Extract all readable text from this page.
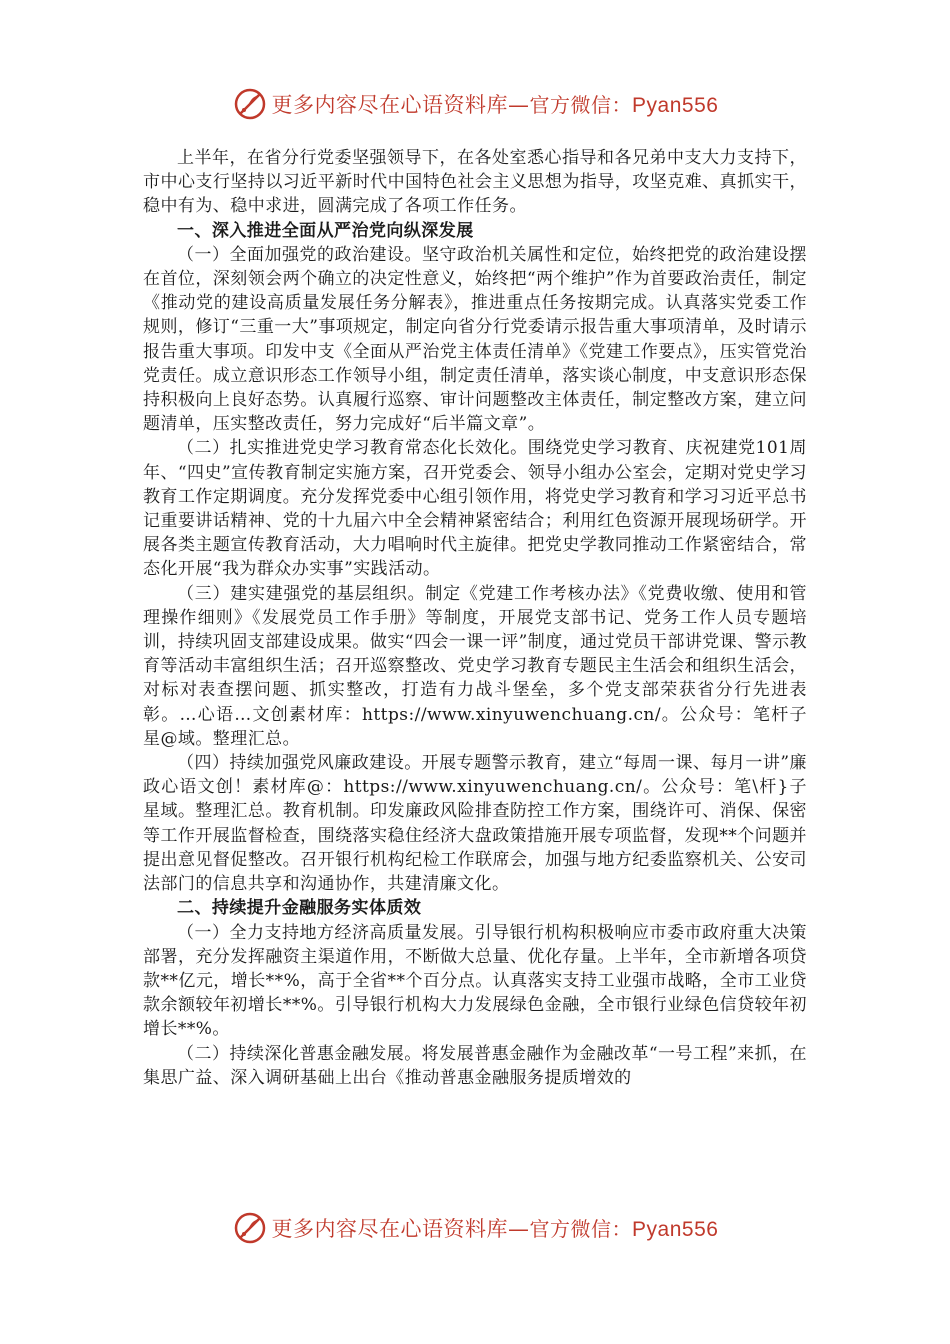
更多内容尽在心语资料库—官方微信：Pyan556

上半年，在省分行党委坚强领导下，在各处室悉心指导和各兄弟中支大力支持下，市中心支行坚持以习近平新时代中国特色社会主义思想为指导，攻坚克难、真抓实干，稳中有为、稳中求进，圆满完成了各项工作任务。

一、深入推进全面从严治党向纵深发展

（一）全面加强党的政治建设。坚守政治机关属性和定位，始终把党的政治建设摆在首位，深刻领会两个确立的决定性意义，始终把“两个维护”作为首要政治责任，制定《推动党的建设高质量发展任务分解表》，推进重点任务按期完成。认真落实党委工作规则，修订“三重一大”事项规定，制定向省分行党委请示报告重大事项清单，及时请示报告重大事项。印发中支《全面从严治党主体责任清单》《党建工作要点》，压实管党治党责任。成立意识形态工作领导小组，制定责任清单，落实谈心制度，中支意识形态保持积极向上良好态势。认真履行巡察、审计问题整改主体责任，制定整改方案，建立问题清单，压实整改责任，努力完成好“后半篇文章”。

（二）扎实推进党史学习教育常态化长效化。围绕党史学习教育、庆祝建党101周年、“四史”宣传教育制定实施方案，召开党委会、领导小组办公室会，定期对党史学习教育工作定期调度。充分发挥党委中心组引领作用，将党史学习教育和学习习近平总书记重要讲话精神、党的十九届六中全会精神紧密结合；利用红色资源开展现场研学。开展各类主题宣传教育活动，大力唱响时代主旋律。把党史学教同推动工作紧密结合，常态化开展“我为群众办实事”实践活动。

（三）建实建强党的基层组织。制定《党建工作考核办法》《党费收缴、使用和管理操作细则》《发展党员工作手册》等制度，开展党支部书记、党务工作人员专题培训，持续巩固支部建设成果。做实“四会一课一评”制度，通过党员干部讲党课、警示教育等活动丰富组织生活；召开巡察整改、党史学习教育专题民主生活会和组织生活会，对标对表查摆问题、抓实整改，打造有力战斗堡垒，多个党支部荣获省分行先进表彰。…心语…文创素材库：https://www.xinyuwenchuang.cn/。公众号：笔杆子星@域。整理汇总。

（四）持续加强党风廉政建设。开展专题警示教育，建立“每周一课、每月一讲”廉政心语文创！素材库@：https://www.xinyuwenchuang.cn/。公众号：笔\杆}子星域。整理汇总。教育机制。印发廉政风险排查防控工作方案，围绕许可、消保、保密等工作开展监督检查，围绕落实稳住经济大盘政策措施开展专项监督，发现**个问题并提出意见督促整改。召开银行机构纪检工作联席会，加强与地方纪委监察机关、公安司法部门的信息共享和沟通协作，共建清廉文化。

二、持续提升金融服务实体质效

（一）全力支持地方经济高质量发展。引导银行机构积极响应市委市政府重大决策部署，充分发挥融资主渠道作用，不断做大总量、优化存量。上半年，全市新增各项贷款**亿元，增长**%，高于全省**个百分点。认真落实支持工业强市战略，全市工业贷款余额较年初增长**%。引导银行机构大力发展绿色金融，全市银行业绿色信贷较年初增长**%。

（二）持续深化普惠金融发展。将发展普惠金融作为金融改革“一号工程”来抓，在集思广益、深入调研基础上出台《推动普惠金融服务提质增效的

更多内容尽在心语资料库—官方微信：Pyan556
